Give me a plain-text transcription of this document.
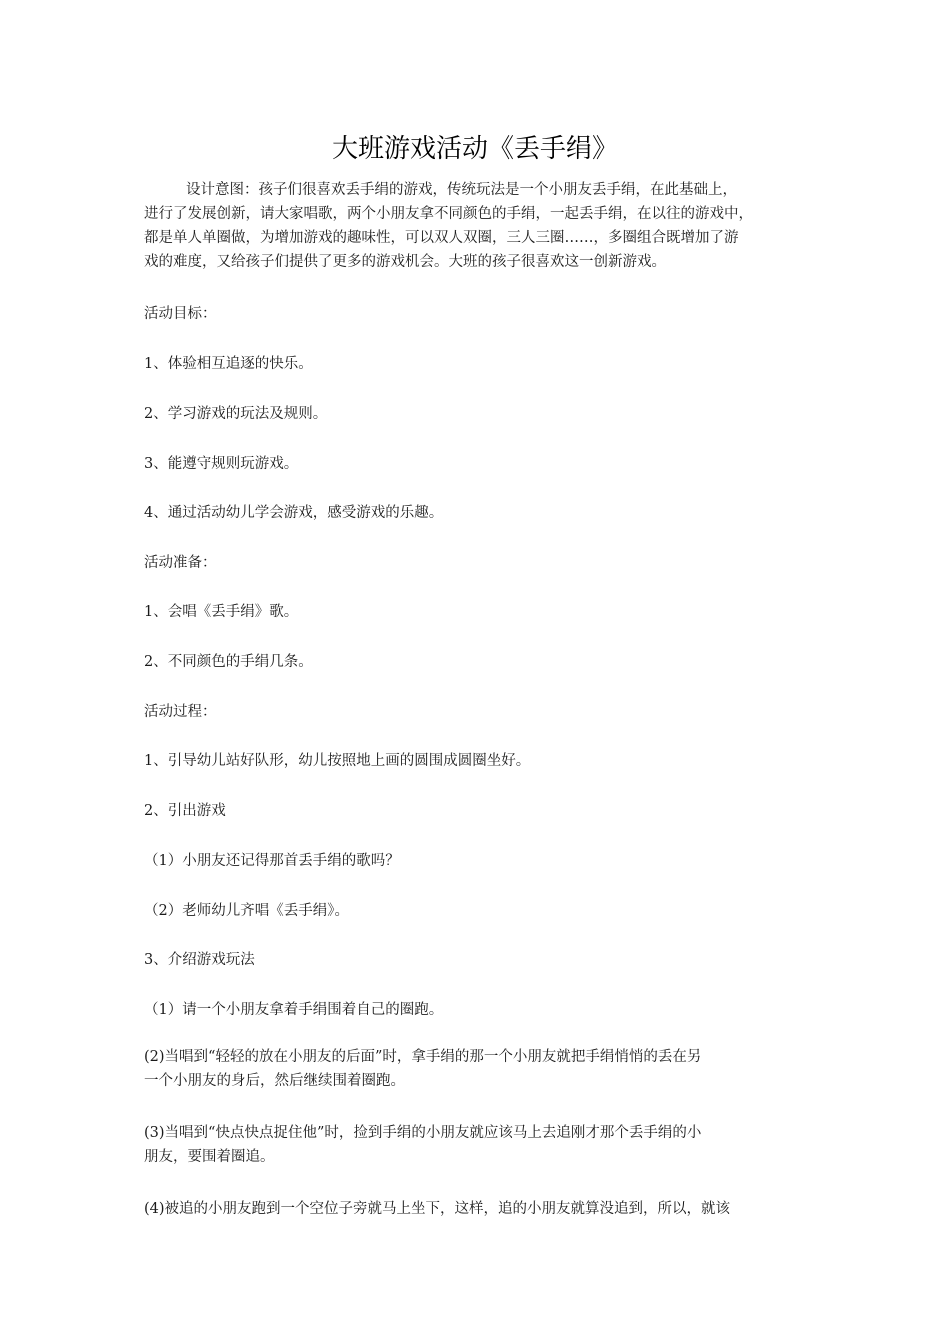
大班游戏活动《丢手绢》
设计意图：孩子们很喜欢丢手绢的游戏，传统玩法是一个小朋友丢手绢，在此基础上，
进行了发展创新，请大家唱歌，两个小朋友拿不同颜色的手绢，一起丢手绢，在以往的游戏中，
都是单人单圈做，为增加游戏的趣味性，可以双人双圈，三人三圈……，多圈组合既增加了游
戏的难度，又给孩子们提供了更多的游戏机会。大班的孩子很喜欢这一创新游戏。

活动目标：

1、体验相互追逐的快乐。

2、学习游戏的玩法及规则。

3、能遵守规则玩游戏。

4、通过活动幼儿学会游戏，感受游戏的乐趣。

活动准备：

1、会唱《丢手绢》歌。

2、不同颜色的手绢几条。

活动过程：

1、引导幼儿站好队形，幼儿按照地上画的圆围成圆圈坐好。

2、引出游戏

（1）小朋友还记得那首丢手绢的歌吗？

（2）老师幼儿齐唱《丢手绢》。

3、介绍游戏玩法

（1）请一个小朋友拿着手绢围着自己的圈跑。

(2)当唱到“轻轻的放在小朋友的后面”时，拿手绢的那一个小朋友就把手绢悄悄的丢在另
一个小朋友的身后，然后继续围着圈跑。
(3)当唱到“快点快点捉住他”时，捡到手绢的小朋友就应该马上去追刚才那个丢手绢的小
朋友，要围着圈追。

(4)被追的小朋友跑到一个空位子旁就马上坐下，这样，追的小朋友就算没追到，所以，就该
